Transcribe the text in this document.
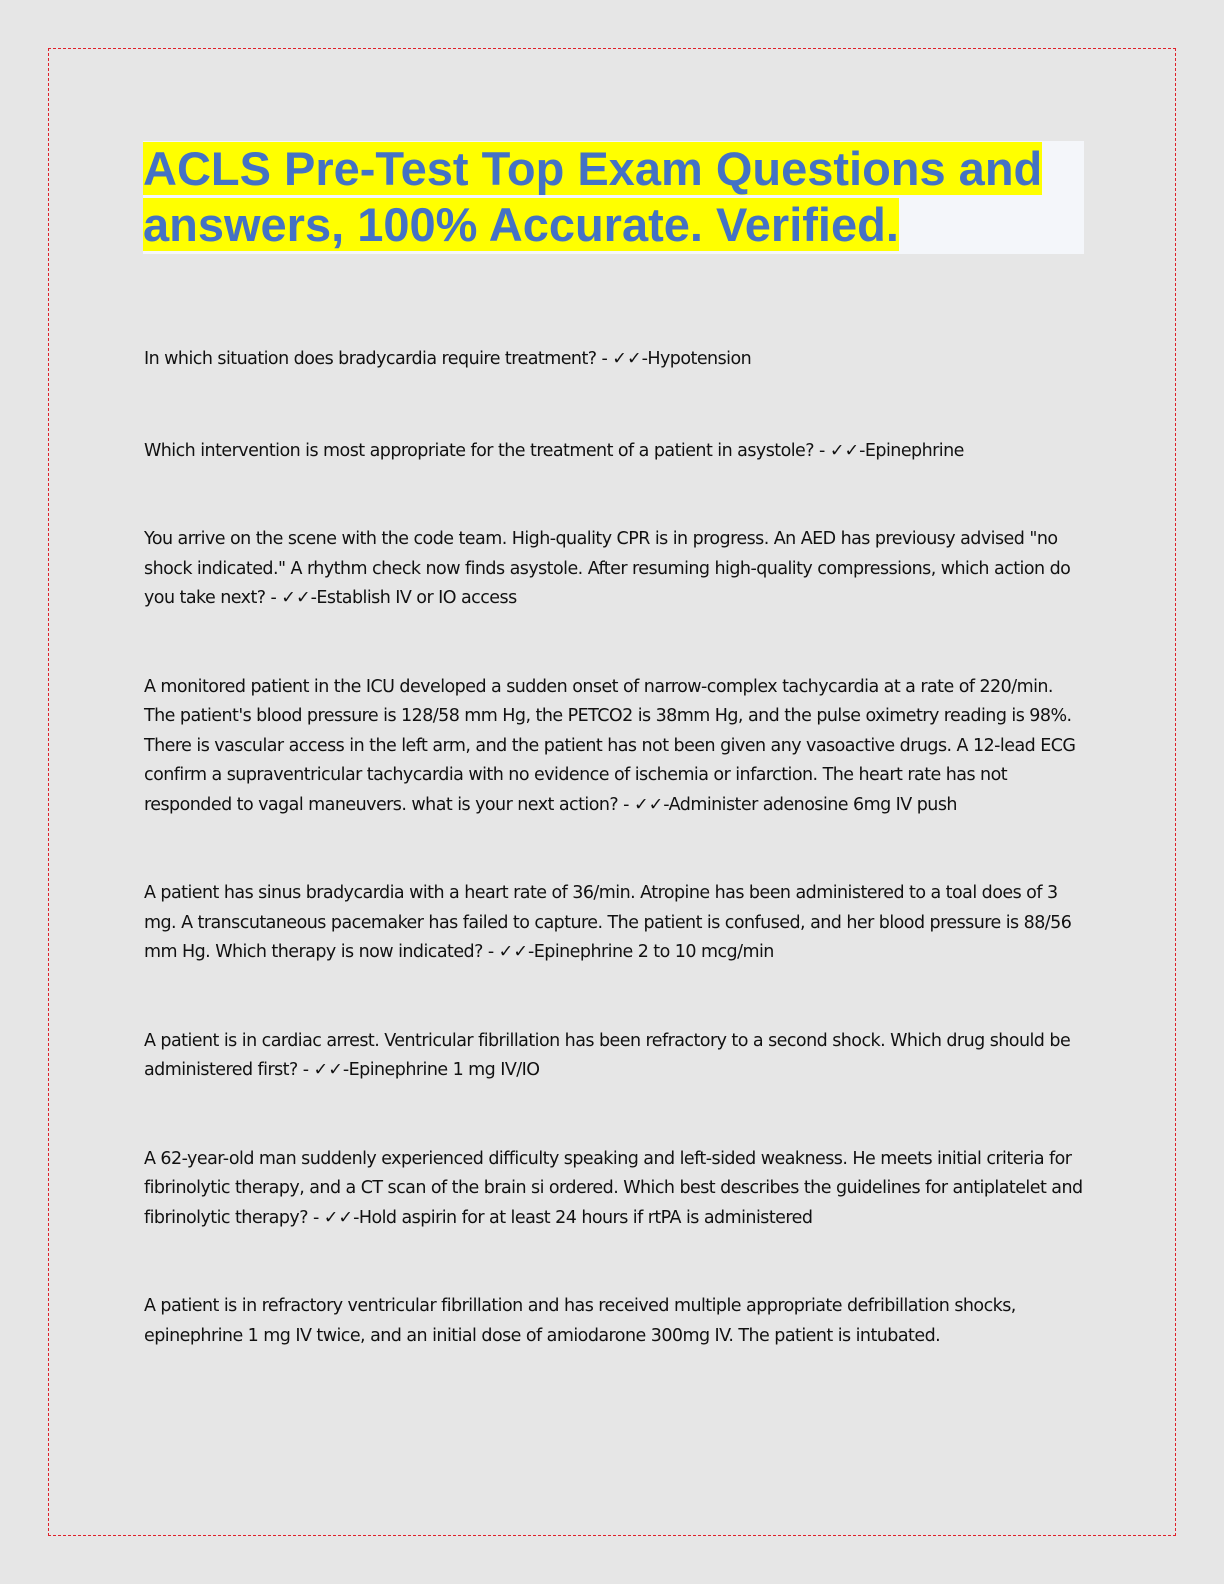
ACLS Pre-Test Top Exam Questions and
answers, 100% Accurate. Verified.

In which situation does bradycardia require treatment? - ✓✓-Hypotension

Which intervention is most appropriate for the treatment of a patient in asystole? - ✓✓-Epinephrine

You arrive on the scene with the code team. High-quality CPR is in progress. An AED has previousy advised "no shock indicated." A rhythm check now finds asystole. After resuming high-quality compressions, which action do you take next? - ✓✓-Establish IV or IO access

A monitored patient in the ICU developed a sudden onset of narrow-complex tachycardia at a rate of 220/min. The patient's blood pressure is 128/58 mm Hg, the PETCO2 is 38mm Hg, and the pulse oximetry reading is 98%. There is vascular access in the left arm, and the patient has not been given any vasoactive drugs. A 12-lead ECG confirm a supraventricular tachycardia with no evidence of ischemia or infarction. The heart rate has not responded to vagal maneuvers. what is your next action? - ✓✓-Administer adenosine 6mg IV push

A patient has sinus bradycardia with a heart rate of 36/min. Atropine has been administered to a toal does of 3 mg. A transcutaneous pacemaker has failed to capture. The patient is confused, and her blood pressure is 88/56 mm Hg. Which therapy is now indicated? - ✓✓-Epinephrine 2 to 10 mcg/min

A patient is in cardiac arrest. Ventricular fibrillation has been refractory to a second shock. Which drug should be administered first? - ✓✓-Epinephrine 1 mg IV/IO

A 62-year-old man suddenly experienced difficulty speaking and left-sided weakness. He meets initial criteria for fibrinolytic therapy, and a CT scan of the brain si ordered. Which best describes the guidelines for antiplatelet and fibrinolytic therapy? - ✓✓-Hold aspirin for at least 24 hours if rtPA is administered

A patient is in refractory ventricular fibrillation and has received multiple appropriate defribillation shocks, epinephrine 1 mg IV twice, and an initial dose of amiodarone 300mg IV. The patient is intubated.
